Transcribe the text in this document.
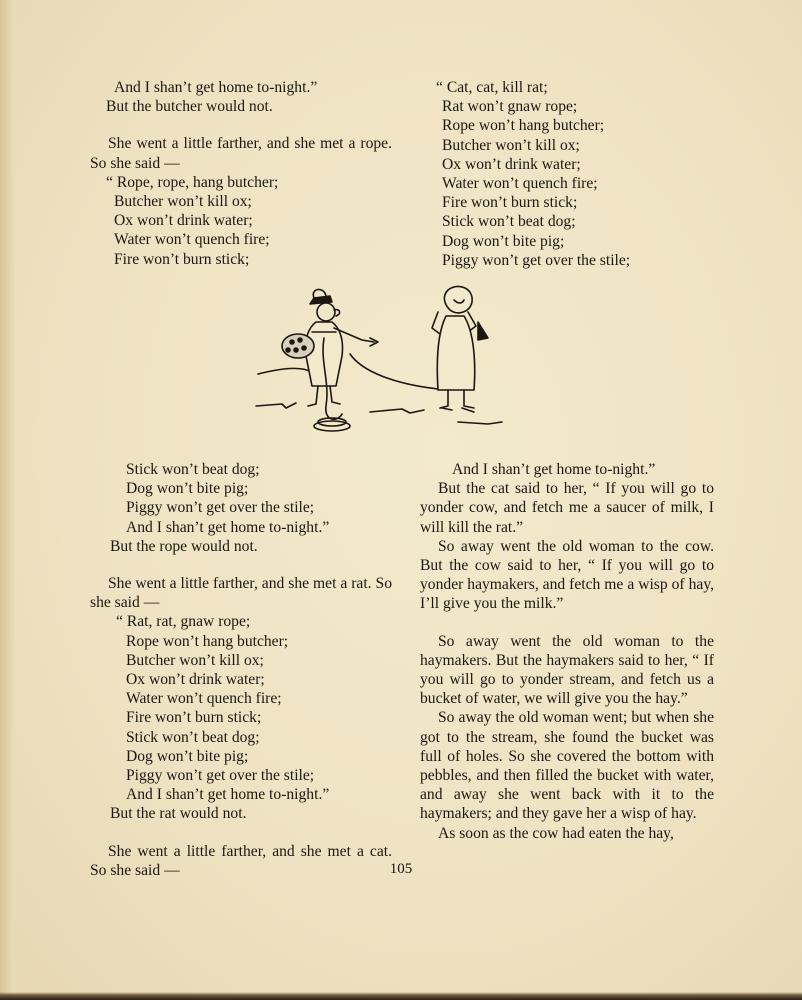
And I shan’t get home to-night.”
But the butcher would not.

She went a little farther, and she met a rope. So she said —

“ Rope, rope, hang butcher;
Butcher won’t kill ox;
Ox won’t drink water;
Water won’t quench fire;
Fire won’t burn stick;
“ Cat, cat, kill rat;
Rat won’t gnaw rope;
Rope won’t hang butcher;
Butcher won’t kill ox;
Ox won’t drink water;
Water won’t quench fire;
Fire won’t burn stick;
Stick won’t beat dog;
Dog won’t bite pig;
Piggy won’t get over the stile;
Stick won’t beat dog;
Dog won’t bite pig;
Piggy won’t get over the stile;
And I shan’t get home to-night.”
But the rope would not.

She went a little farther, and she met a rat. So she said —

“ Rat, rat, gnaw rope;
Rope won’t hang butcher;
Butcher won’t kill ox;
Ox won’t drink water;
Water won’t quench fire;
Fire won’t burn stick;
Stick won’t beat dog;
Dog won’t bite pig;
Piggy won’t get over the stile;
And I shan’t get home to-night.”
But the rat would not.

She went a little farther, and she met a cat. So she said —

And I shan’t get home to-night.”

But the cat said to her, “ If you will go to yonder cow, and fetch me a saucer of milk, I will kill the rat.”

So away went the old woman to the cow. But the cow said to her, “ If you will go to yonder haymakers, and fetch me a wisp of hay, I’ll give you the milk.”

So away went the old woman to the haymakers. But the haymakers said to her, “ If you will go to yonder stream, and fetch us a bucket of water, we will give you the hay.”

So away the old woman went; but when she got to the stream, she found the bucket was full of holes. So she covered the bottom with pebbles, and then filled the bucket with water, and away she went back with it to the haymakers; and they gave her a wisp of hay.

As soon as the cow had eaten the hay,

105
